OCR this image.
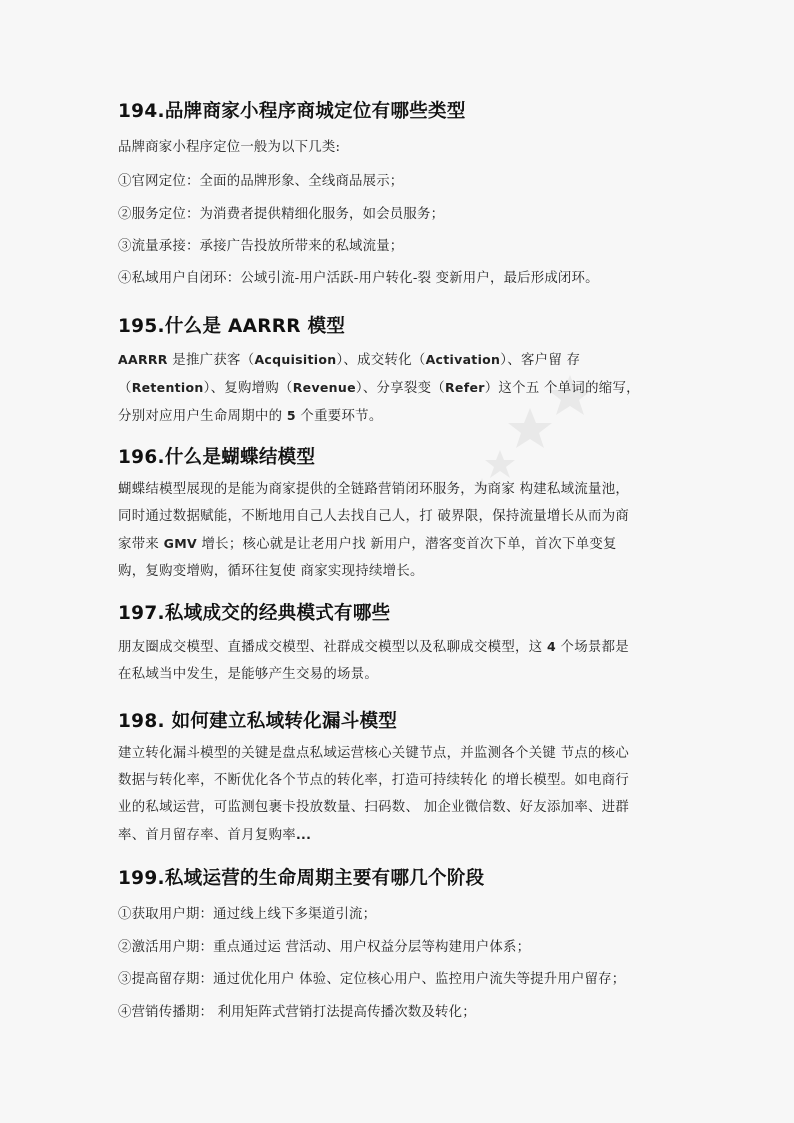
194.品牌商家小程序商城定位有哪些类型
品牌商家小程序定位一般为以下几类:
①官网定位：全面的品牌形象、全线商品展示；
②服务定位：为消费者提供精细化服务，如会员服务；
③流量承接：承接广告投放所带来的私域流量；
④私域用户自闭环：公域引流-用户活跃-用户转化-裂 变新用户，最后形成闭环。
195.什么是 AARRR 模型
AARRR 是推广获客（Acquisition）、成交转化（Activation）、客户留 存（Retention）、复购增购（Revenue）、分享裂变（Refer）这个五 个单词的缩写，分别对应用户生命周期中的 5 个重要环节。
196.什么是蝴蝶结模型
蝴蝶结模型展现的是能为商家提供的全链路营销闭环服务，为商家 构建私域流量池，同时通过数据赋能，不断地用自己人去找自己人，打 破界限，保持流量增长从而为商家带来 GMV 增长；核心就是让老用户找 新用户，潜客变首次下单，首次下单变复购，复购变增购，循环往复使 商家实现持续增长。
197.私域成交的经典模式有哪些
朋友圈成交模型、直播成交模型、社群成交模型以及私聊成交模型，这 4 个场景都是在私域当中发生，是能够产生交易的场景。
198. 如何建立私域转化漏斗模型
建立转化漏斗模型的关键是盘点私域运营核心关键节点，并监测各个关键 节点的核心数据与转化率，不断优化各个节点的转化率，打造可持续转化 的增长模型。如电商行业的私域运营，可监测包裹卡投放数量、扫码数、 加企业微信数、好友添加率、进群率、首月留存率、首月复购率...
199.私域运营的生命周期主要有哪几个阶段
①获取用户期：通过线上线下多渠道引流；
②激活用户期：重点通过运 营活动、用户权益分层等构建用户体系；
③提高留存期：通过优化用户 体验、定位核心用户、监控用户流失等提升用户留存；
④营销传播期： 利用矩阵式营销打法提高传播次数及转化；
